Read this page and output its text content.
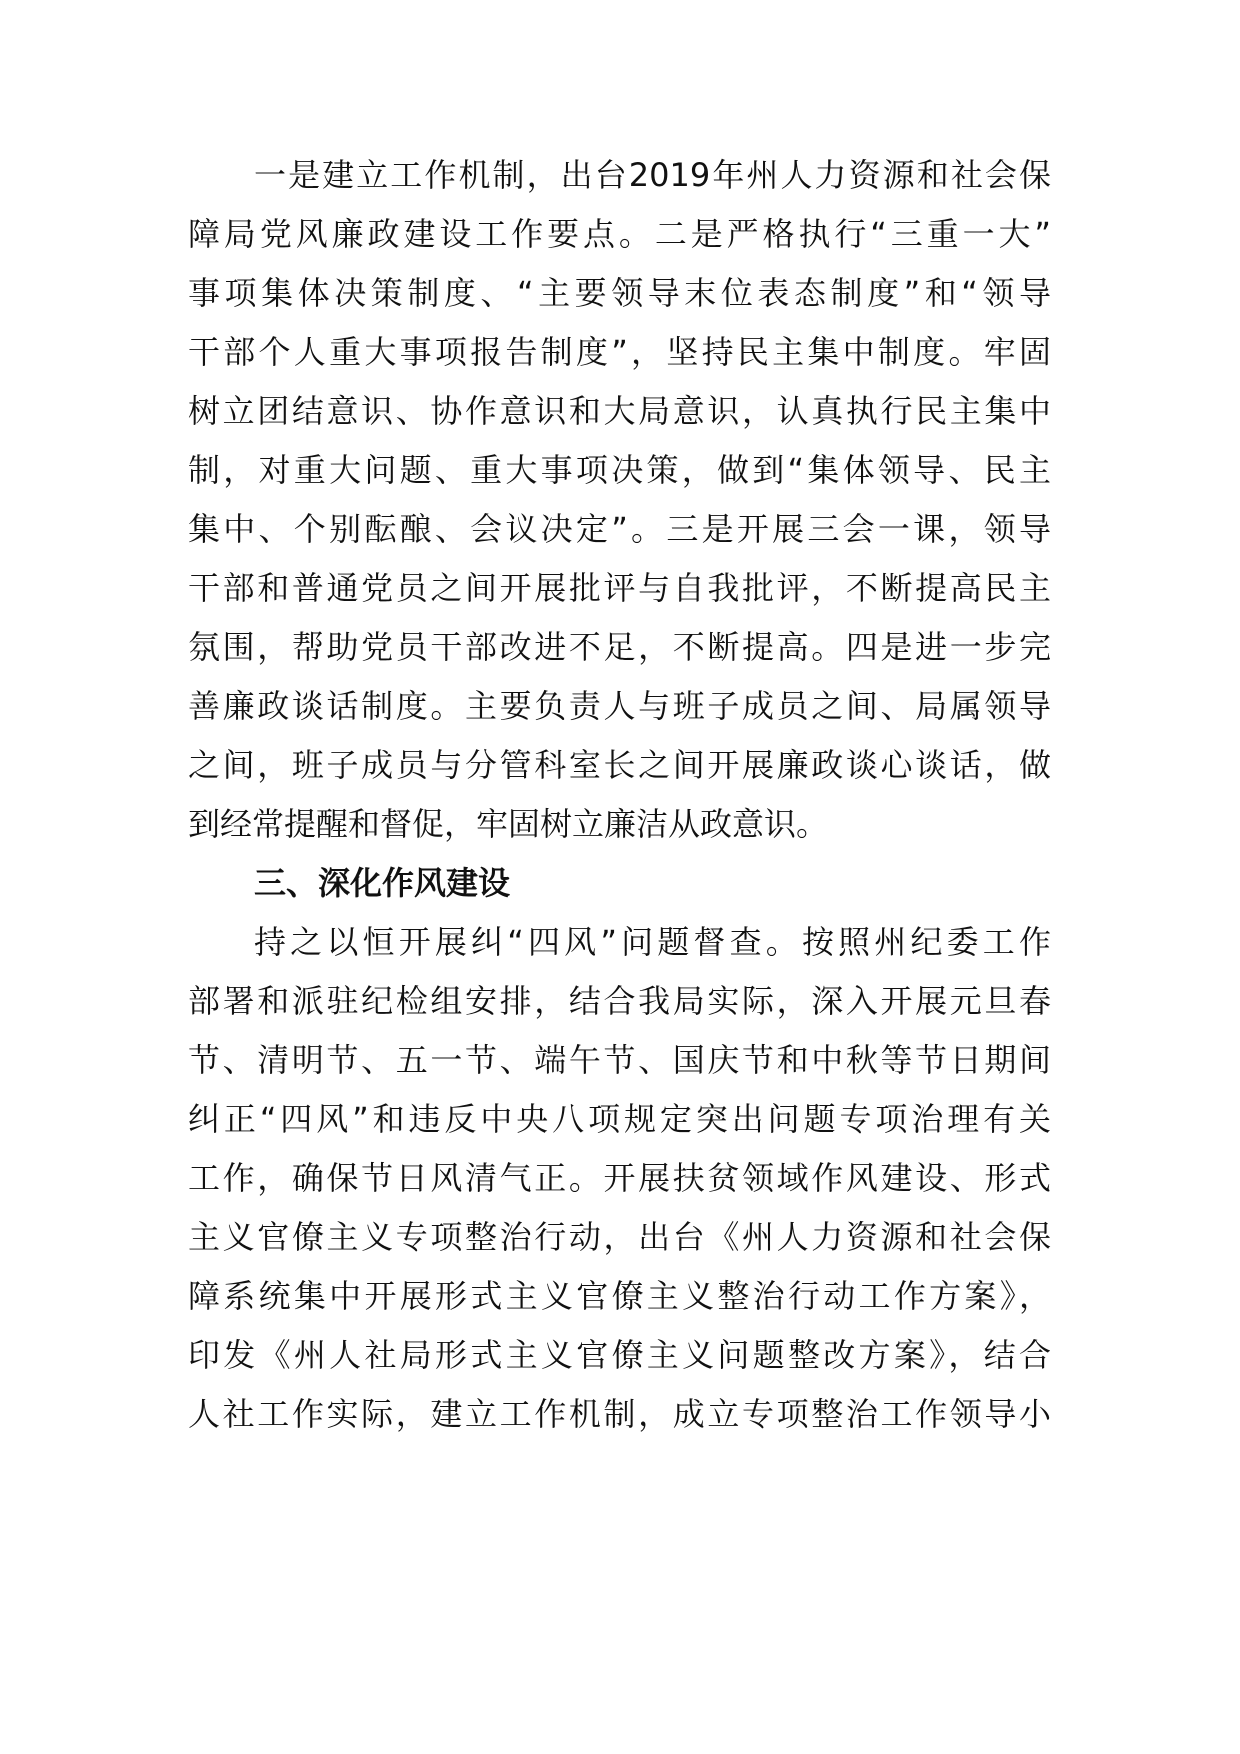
一是建立工作机制，出台2019年州人力资源和社会保
障局党风廉政建设工作要点。二是严格执行“三重一大”
事项集体决策制度、“主要领导末位表态制度”和“领导
干部个人重大事项报告制度”，坚持民主集中制度。牢固
树立团结意识、协作意识和大局意识，认真执行民主集中
制，对重大问题、重大事项决策，做到“集体领导、民主
集中、个别酝酿、会议决定”。三是开展三会一课，领导
干部和普通党员之间开展批评与自我批评，不断提高民主
氛围，帮助党员干部改进不足，不断提高。四是进一步完
善廉政谈话制度。主要负责人与班子成员之间、局属领导
之间，班子成员与分管科室长之间开展廉政谈心谈话，做
到经常提醒和督促，牢固树立廉洁从政意识。
三、深化作风建设
持之以恒开展纠“四风”问题督查。按照州纪委工作
部署和派驻纪检组安排，结合我局实际，深入开展元旦春
节、清明节、五一节、端午节、国庆节和中秋等节日期间
纠正“四风”和违反中央八项规定突出问题专项治理有关
工作，确保节日风清气正。开展扶贫领域作风建设、形式
主义官僚主义专项整治行动，出台《州人力资源和社会保
障系统集中开展形式主义官僚主义整治行动工作方案》，
印发《州人社局形式主义官僚主义问题整改方案》，结合
人社工作实际，建立工作机制，成立专项整治工作领导小
